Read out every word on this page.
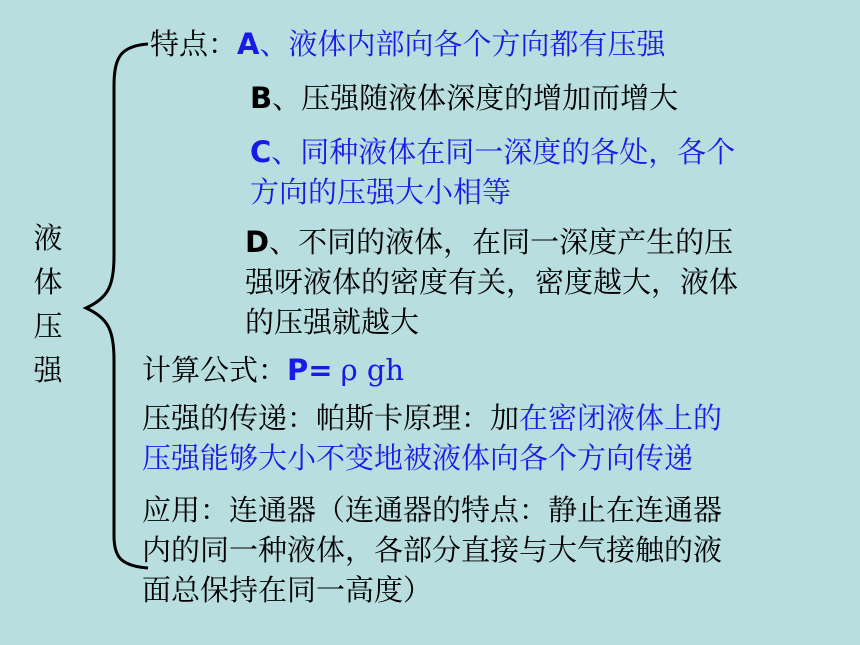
液
体
压
强
特点：A、液体内部向各个方向都有压强
B、压强随液体深度的增加而增大
C、同种液体在同一深度的各处，各个
方向的压强大小相等
D、不同的液体，在同一深度产生的压
强呀液体的密度有关，密度越大，液体
的压强就越大
计算公式：P= ρ gh
压强的传递：帕斯卡原理：加在密闭液体上的
压强能够大小不变地被液体向各个方向传递
应用：连通器（连通器的特点：静止在连通器
内的同一种液体，各部分直接与大气接触的液
面总保持在同一高度）
